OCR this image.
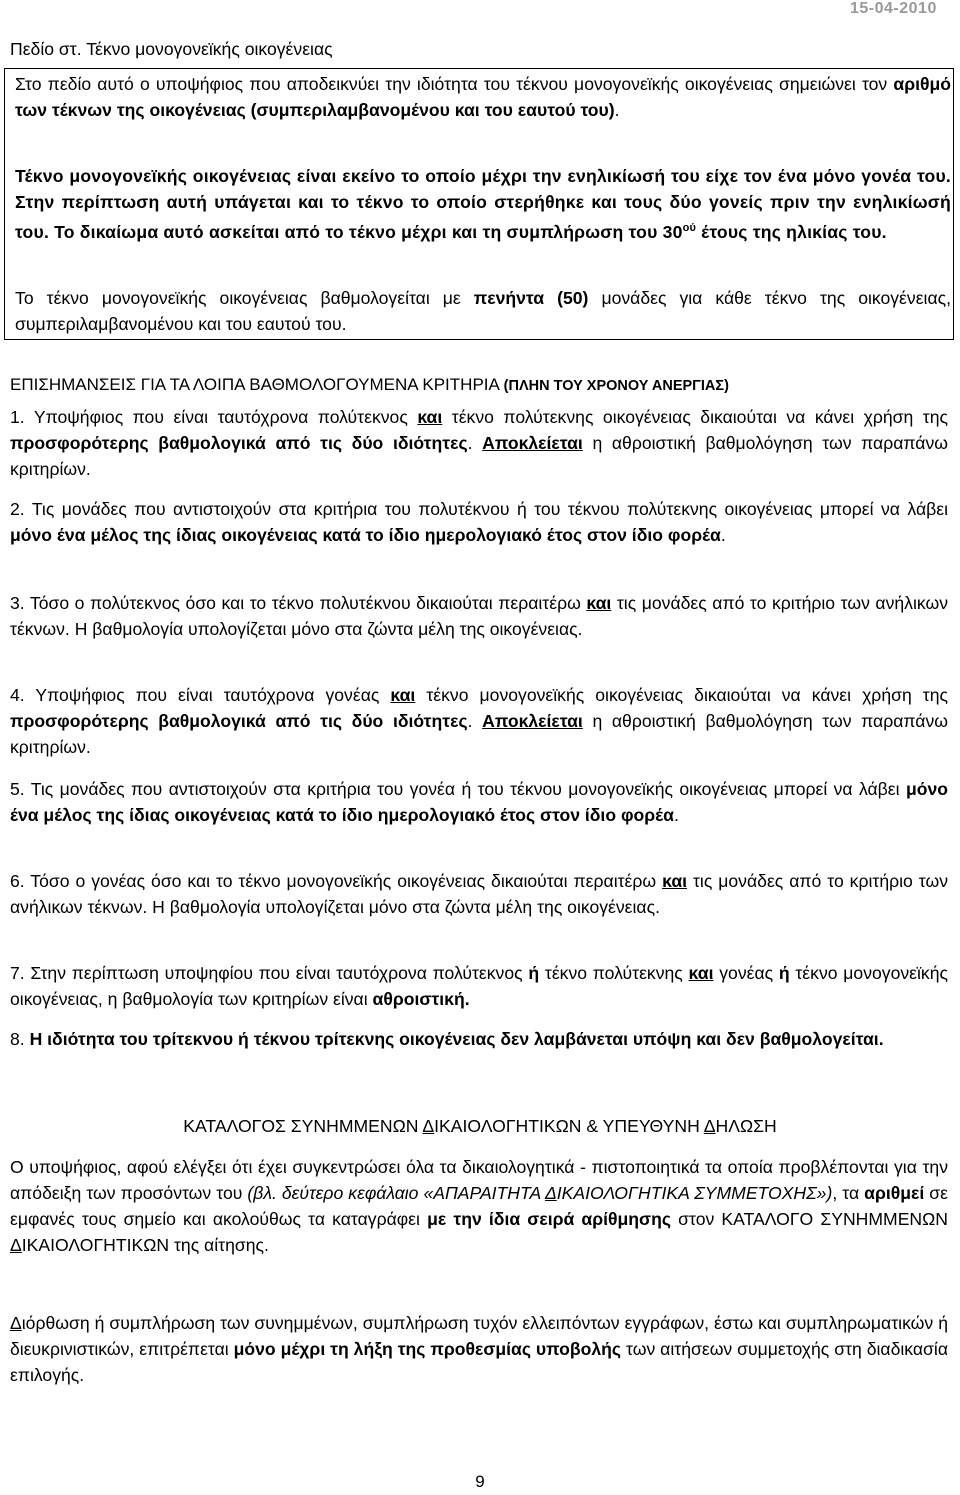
15-04-2010
Πεδίο στ. Τέκνο μονογονεϊκής οικογένειας
Στο πεδίο αυτό ο υποψήφιος που αποδεικνύει την ιδιότητα του τέκνου μονογονεϊκής οικογένειας σημειώνει τον αριθμό των τέκνων της οικογένειας (συμπεριλαμβανομένου και του εαυτού του).
Τέκνο μονογονεϊκής οικογένειας είναι εκείνο το οποίο μέχρι την ενηλικίωσή του είχε τον ένα μόνο γονέα του. Στην περίπτωση αυτή υπάγεται και το τέκνο το οποίο στερήθηκε και τους δύο γονείς πριν την ενηλικίωσή του. Το δικαίωμα αυτό ασκείται από το τέκνο μέχρι και τη συμπλήρωση του $30^{oύ}$ έτους της ηλικίας του.
Το τέκνο μονογονεϊκής οικογένειας βαθμολογείται με πενήντα (50) μονάδες για κάθε τέκνο της οικογένειας, συμπεριλαμβανομένου και του εαυτού του.
ΕΠΙΣΗΜΑΝΣΕΙΣ ΓΙΑ ΤΑ ΛΟΙΠΑ ΒΑΘΜΟΛΟΓΟΥΜΕΝΑ ΚΡΙΤΗΡΙΑ (ΠΛΗΝ ΤΟΥ ΧΡΟΝΟΥ ΑΝΕΡΓΙΑΣ)
1. Υποψήφιος που είναι ταυτόχρονα πολύτεκνος και τέκνο πολύτεκνης οικογένειας δικαιούται να κάνει χρήση της προσφορότερης βαθμολογικά από τις δύο ιδιότητες. Αποκλείεται η αθροιστική βαθμολόγηση των παραπάνω κριτηρίων.
2. Τις μονάδες που αντιστοιχούν στα κριτήρια του πολυτέκνου ή του τέκνου πολύτεκνης οικογένειας μπορεί να λάβει μόνο ένα μέλος της ίδιας οικογένειας κατά το ίδιο ημερολογιακό έτος στον ίδιο φορέα.
3. Τόσο ο πολύτεκνος όσο και το τέκνο πολυτέκνου δικαιούται περαιτέρω και τις μονάδες από το κριτήριο των ανήλικων τέκνων. Η βαθμολογία υπολογίζεται μόνο στα ζώντα μέλη της οικογένειας.
4. Υποψήφιος που είναι ταυτόχρονα γονέας και τέκνο μονογονεϊκής οικογένειας δικαιούται να κάνει χρήση της προσφορότερης βαθμολογικά από τις δύο ιδιότητες. Αποκλείεται η αθροιστική βαθμολόγηση των παραπάνω κριτηρίων.
5. Τις μονάδες που αντιστοιχούν στα κριτήρια του γονέα ή του τέκνου μονογονεϊκής οικογένειας μπορεί να λάβει μόνο ένα μέλος της ίδιας οικογένειας κατά το ίδιο ημερολογιακό έτος στον ίδιο φορέα.
6. Τόσο ο γονέας όσο και το τέκνο μονογονεϊκής οικογένειας δικαιούται περαιτέρω και τις μονάδες από το κριτήριο των ανήλικων τέκνων. Η βαθμολογία υπολογίζεται μόνο στα ζώντα μέλη της οικογένειας.
7. Στην περίπτωση υποψηφίου που είναι ταυτόχρονα πολύτεκνος ή τέκνο πολύτεκνης και γονέας ή τέκνο μονογονεϊκής οικογένειας, η βαθμολογία των κριτηρίων είναι αθροιστική.
8. Η ιδιότητα του τρίτεκνου ή τέκνου τρίτεκνης οικογένειας δεν λαμβάνεται υπόψη και δεν βαθμολογείται.
ΚΑΤΑΛΟΓΟΣ ΣΥΝΗΜΜΕΝΩΝ ΔΙΚΑΙΟΛΟΓΗΤΙΚΩΝ & ΥΠΕΥΘΥΝΗ ΔΗΛΩΣΗ
Ο υποψήφιος, αφού ελέγξει ότι έχει συγκεντρώσει όλα τα δικαιολογητικά - πιστοποιητικά τα οποία προβλέπονται για την απόδειξη των προσόντων του (βλ. δεύτερο κεφάλαιο «ΑΠΑΡΑΙΤΗΤΑ ΔΙΚΑΙΟΛΟΓΗΤΙΚΑ ΣΥΜΜΕΤΟΧΗΣ»), τα αριθμεί σε εμφανές τους σημείο και ακολούθως τα καταγράφει με την ίδια σειρά αρίθμησης στον ΚΑΤΑΛΟΓΟ ΣΥΝΗΜΜΕΝΩΝ ΔΙΚΑΙΟΛΟΓΗΤΙΚΩΝ της αίτησης.
Διόρθωση ή συμπλήρωση των συνημμένων, συμπλήρωση τυχόν ελλειπόντων εγγράφων, έστω και συμπληρωματικών ή διευκρινιστικών, επιτρέπεται μόνο μέχρι τη λήξη της προθεσμίας υποβολής των αιτήσεων συμμετοχής στη διαδικασία επιλογής.
9
